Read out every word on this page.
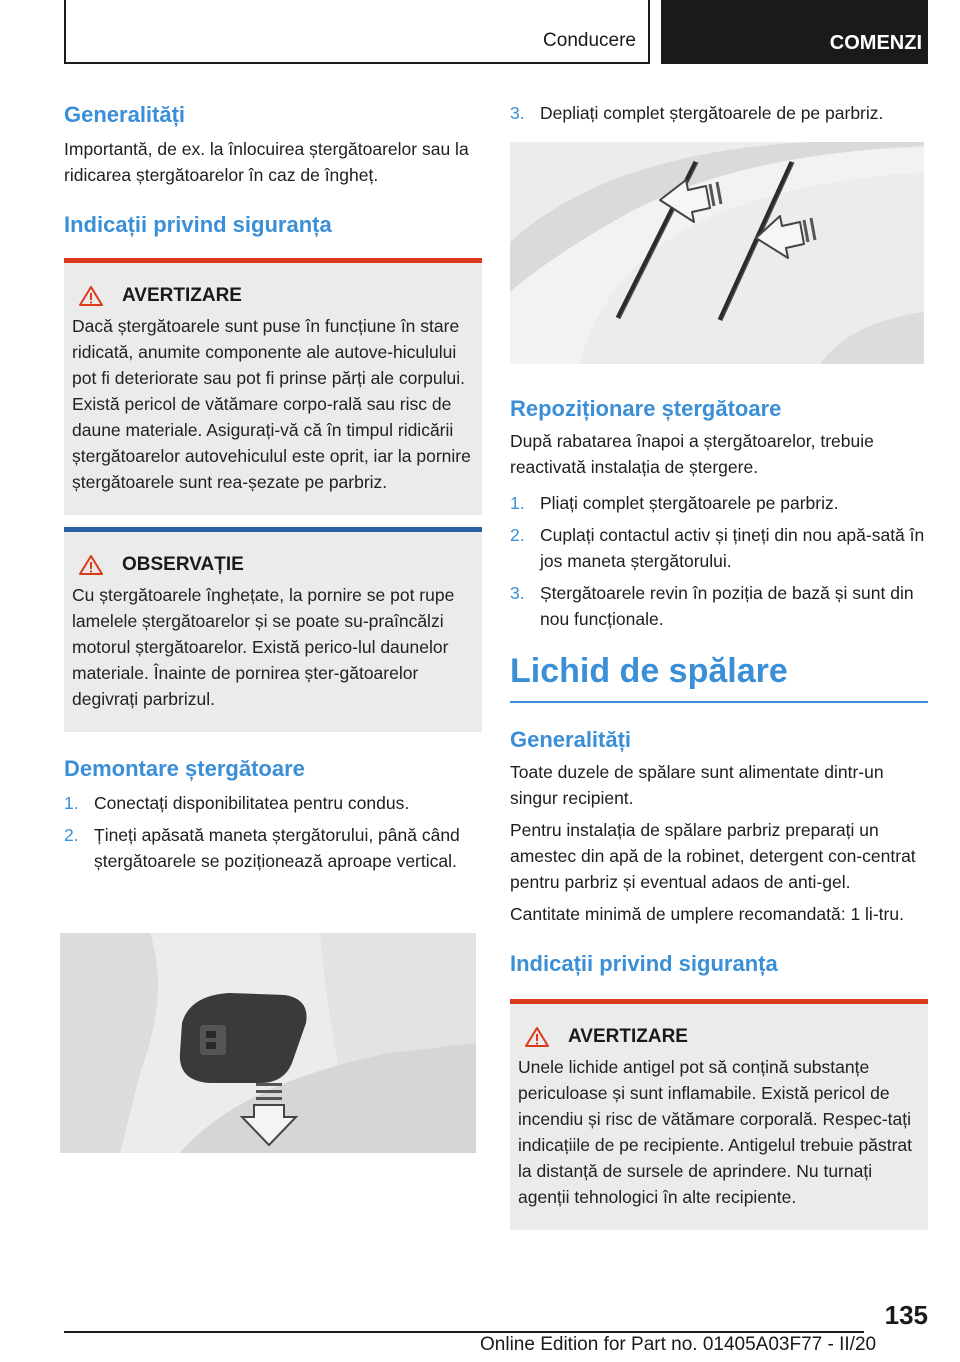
Conducere	COMENZI
Generalități

Importantă, de ex. la înlocuirea ștergătoarelor sau la ridicarea ștergătoarelor în caz de îngheț.

Indicații privind siguranța
AVERTIZARE

Dacă ștergătoarele sunt puse în funcțiune în stare ridicată, anumite componente ale autove-hiculului pot fi deteriorate sau pot fi prinse părți ale corpului. Există pericol de vătămare corpo-rală sau risc de daune materiale. Asigurați-vă că în timpul ridicării ștergătoarelor autovehiculul este oprit, iar la pornire ștergătoarele sunt rea-șezate pe parbriz.

OBSERVAȚIE

Cu ștergătoarele înghețate, la pornire se pot rupe lamelele ștergătoarelor și se poate su-praîncălzi motorul ștergătoarelor. Există perico-lul daunelor materiale. Înainte de pornirea șter-gătoarelor degivrați parbrizul.

Demontare ștergătoare
1. Conectați disponibilitatea pentru condus.
2. Țineți apăsată maneta ștergătorului, până când ștergătoarele se poziționează aproape vertical.
3. Depliați complet ștergătoarele de pe parbriz.
Repoziționare ștergătoare

După rabatarea înapoi a ștergătoarelor, trebuie reactivată instalația de ștergere.

1. Pliați complet ștergătoarele pe parbriz.
2. Cuplați contactul activ și țineți din nou apă-sată în jos maneta ștergătorului.
3. Ștergătoarele revin în poziția de bază și sunt din nou funcționale.
Lichid de spălare
Generalități

Toate duzele de spălare sunt alimentate dintr-un singur recipient.

Pentru instalația de spălare parbriz preparați un amestec din apă de la robinet, detergent con-centrat pentru parbriz și eventual adaos de anti-gel.

Cantitate minimă de umplere recomandată: 1 li-tru.

Indicații privind siguranța
AVERTIZARE

Unele lichide antigel pot să conțină substanțe periculoase și sunt inflamabile. Există pericol de incendiu și risc de vătămare corporală. Respec-tați indicațiile de pe recipiente. Antigelul trebuie păstrat la distanță de sursele de aprindere. Nu turnați agenții tehnologici în alte recipiente.

135
Online Edition for Part no. 01405A03F77 - II/20
